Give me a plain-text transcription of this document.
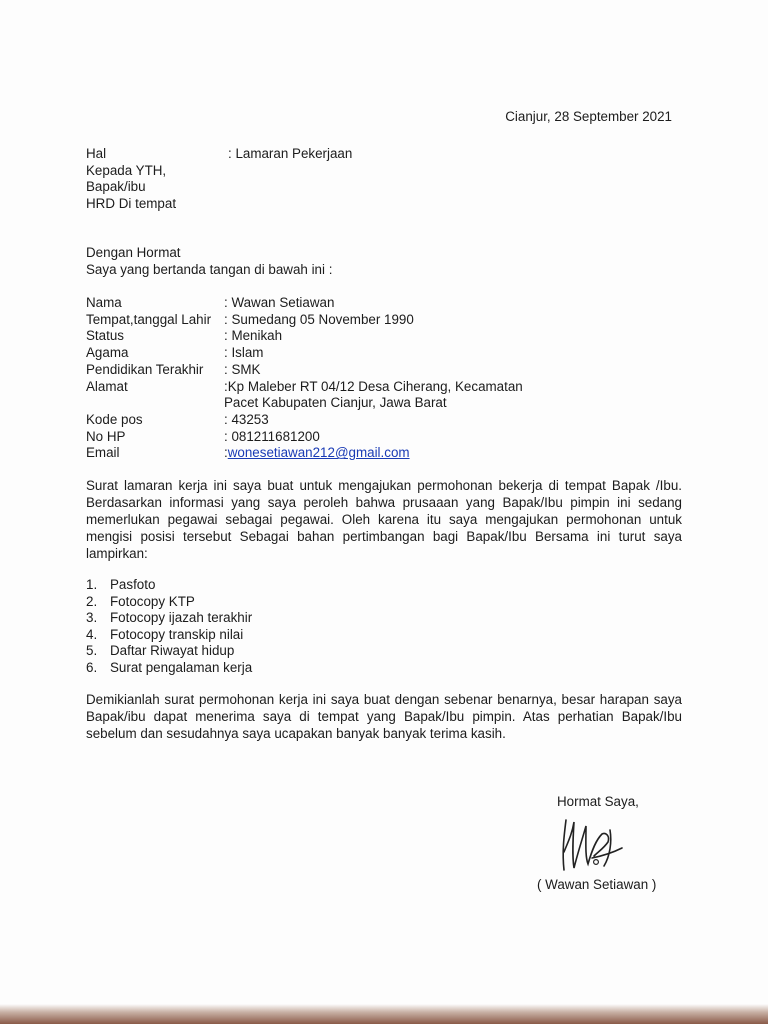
Cianjur, 28 September 2021
Hal	: Lamaran Pekerjaan
Kepada YTH,
Bapak/ibu
HRD Di tempat
Dengan Hormat
Saya yang bertanda tangan di bawah ini :
Nama	: Wawan Setiawan
Tempat,tanggal Lahir : Sumedang 05 November 1990
Status	: Menikah
Agama	: Islam
Pendidikan Terakhir	: SMK
Alamat	:Kp Maleber RT 04/12 Desa Ciherang, Kecamatan
Pacet Kabupaten Cianjur, Jawa Barat
Kode pos	: 43253
No HP	: 081211681200
Email	: wonesetiawan212@gmail.com
Surat lamaran kerja ini saya buat untuk mengajukan permohonan bekerja di tempat Bapak /Ibu. Berdasarkan informasi yang saya peroleh bahwa prusaaan yang Bapak/Ibu pimpin ini sedang memerlukan pegawai sebagai pegawai. Oleh karena itu saya mengajukan permohonan untuk mengisi posisi tersebut Sebagai bahan pertimbangan bagi Bapak/Ibu Bersama ini turut saya lampirkan:
1. Pasfoto
2. Fotocopy KTP
3. Fotocopy ijazah terakhir
4. Fotocopy transkip nilai
5. Daftar Riwayat hidup
6. Surat pengalaman kerja
Demikianlah surat permohonan kerja ini saya buat dengan sebenar benarnya, besar harapan saya Bapak/ibu dapat menerima saya di tempat yang Bapak/Ibu pimpin. Atas perhatian Bapak/Ibu sebelum dan sesudahnya saya ucapakan banyak banyak terima kasih.
Hormat Saya,
( Wawan Setiawan )
